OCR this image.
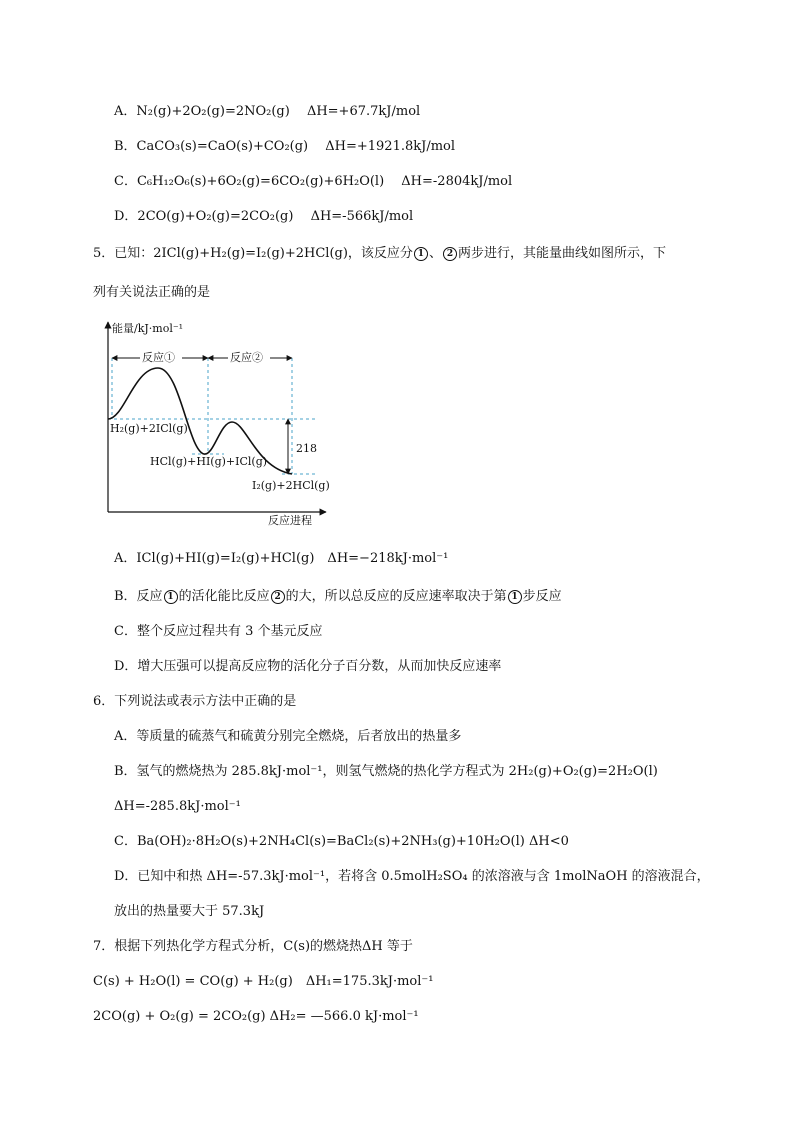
A．N₂(g)+2O₂(g)=2NO₂(g)　 ΔH=+67.7kJ/mol
B．CaCO₃(s)=CaO(s)+CO₂(g)　 ΔH=+1921.8kJ/mol
C．C₆H₁₂O₆(s)+6O₂(g)=6CO₂(g)+6H₂O(l)　 ΔH=-2804kJ/mol
D．2CO(g)+O₂(g)=2CO₂(g)　 ΔH=-566kJ/mol
5．已知：2ICl(g)+H₂(g)=I₂(g)+2HCl(g)，该反应分 1 、 2 两步进行，其能量曲线如图所示，下
列有关说法正确的是
能量/kJ·mol⁻¹
反应进程
反应①	反应②
218
H₂(g)+2ICl(g)
HCl(g)+HI(g)+ICl(g)
I₂(g)+2HCl(g)
A．ICl(g)+HI(g)=I₂(g)+HCl(g)　ΔH=−218kJ·mol⁻¹
B．反应 1 的活化能比反应 2 的大，所以总反应的反应速率取决于第 1 步反应
C．整个反应过程共有 3 个基元反应
D．增大压强可以提高反应物的活化分子百分数，从而加快反应速率
6．下列说法或表示方法中正确的是
A．等质量的硫蒸气和硫黄分别完全燃烧，后者放出的热量多
B．氢气的燃烧热为 285.8kJ·mol⁻¹，则氢气燃烧的热化学方程式为 2H₂(g)+O₂(g)=2H₂O(l)
ΔH=-285.8kJ·mol⁻¹
C．Ba(OH)₂·8H₂O(s)+2NH₄Cl(s)=BaCl₂(s)+2NH₃(g)+10H₂O(l) ΔH<0
D．已知中和热 ΔH=-57.3kJ·mol⁻¹，若将含 0.5molH₂SO₄ 的浓溶液与含 1molNaOH 的溶液混合，
放出的热量要大于 57.3kJ
7．根据下列热化学方程式分析，C(s)的燃烧热ΔH 等于
C(s) + H₂O(l) = CO(g) + H₂(g)　ΔH₁=175.3kJ·mol⁻¹
2CO(g) + O₂(g) = 2CO₂(g) ΔH₂= —566.0 kJ·mol⁻¹
